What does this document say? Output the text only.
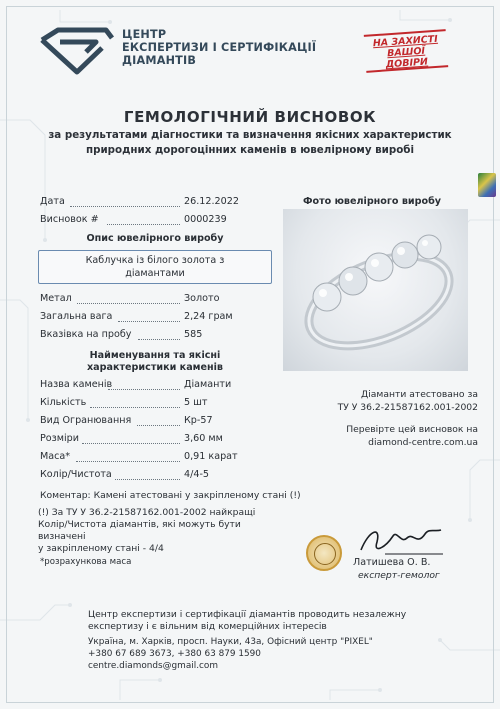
ЦЕНТР
ЕКСПЕРТИЗИ І СЕРТИФІКАЦІЇ
ДІАМАНТІВ
НА ЗАХИСТІ
ВАШОЇ
ДОВІРИ
ГЕМОЛОГІЧНИЙ ВИСНОВОК
за результатами діагностики та визначення якісних характеристик
природних дорогоцінних каменів в ювелірному виробі
Дата	26.12.2022
Висновок #	0000239
Опис ювелірного виробу
Каблучка із білого золота з
діамантами
Метал	Золото
Загальна вага	2,24 грам
Вказівка на пробу	585
Найменування та якісні
характеристики каменів
Назва каменів	Діаманти
Кількість	5 шт
Вид Огранювання	Кр-57
Розміри	3,60 мм
Маса*	0,91 карат
Колір/Чистота	4/4-5
Коментар: Камені атестовані у закріпленому стані (!)
(!) За ТУ У 36.2-21587162.001-2002 найкращі
Колір/Чистота діамантів, які можуть бути визначені
у закріпленому стані - 4/4
*розрахункова маса
Фото ювелірного виробу
Діаманти атестовано за
ТУ У 36.2-21587162.001-2002
Перевірте цей висновок на
diamond-centre.com.ua
Латишева О. В.
експерт-гемолог
Центр експертизи і сертифікації діамантів проводить незалежну
експертизу і є вільним від комерційних інтересів
Україна, м. Харків, просп. Науки, 43а, Офісний центр "PIXEL"
+380 67 689 3673, +380 63 879 1590
centre.diamonds@gmail.com
